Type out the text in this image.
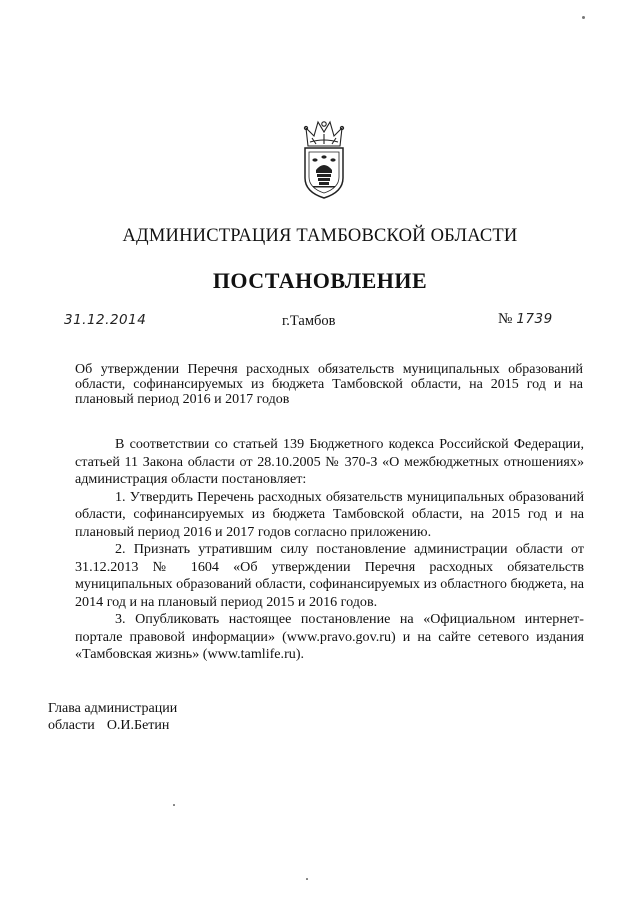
АДМИНИСТРАЦИЯ ТАМБОВСКОЙ ОБЛАСТИ
ПОСТАНОВЛЕНИЕ
31.12.2014	г.Тамбов	№ 1739
Об утверждении Перечня расходных обязательств муниципальных образований области, софинансируемых из бюджета Тамбовской области, на 2015 год и на плановый период 2016 и 2017 годов

В соответствии со статьей 139 Бюджетного кодекса Российской Федерации, статьей 11 Закона области от 28.10.2005 № 370-З «О межбюджетных отношениях» администрация области постановляет:

1. Утвердить Перечень расходных обязательств муниципальных образований области, софинансируемых из бюджета Тамбовской области, на 2015 год и на плановый период 2016 и 2017 годов согласно приложению.

2. Признать утратившим силу постановление администрации области от 31.12.2013 № 1604 «Об утверждении Перечня расходных обязательств муниципальных образований области, софинансируемых из областного бюджета, на 2014 год и на плановый период 2015 и 2016 годов.

3. Опубликовать настоящее постановление на «Официальном интернет-портале правовой информации» (www.pravo.gov.ru) и на сайте сетевого издания «Тамбовская жизнь» (www.tamlife.ru).

Глава администрации
области О.И.Бетин
